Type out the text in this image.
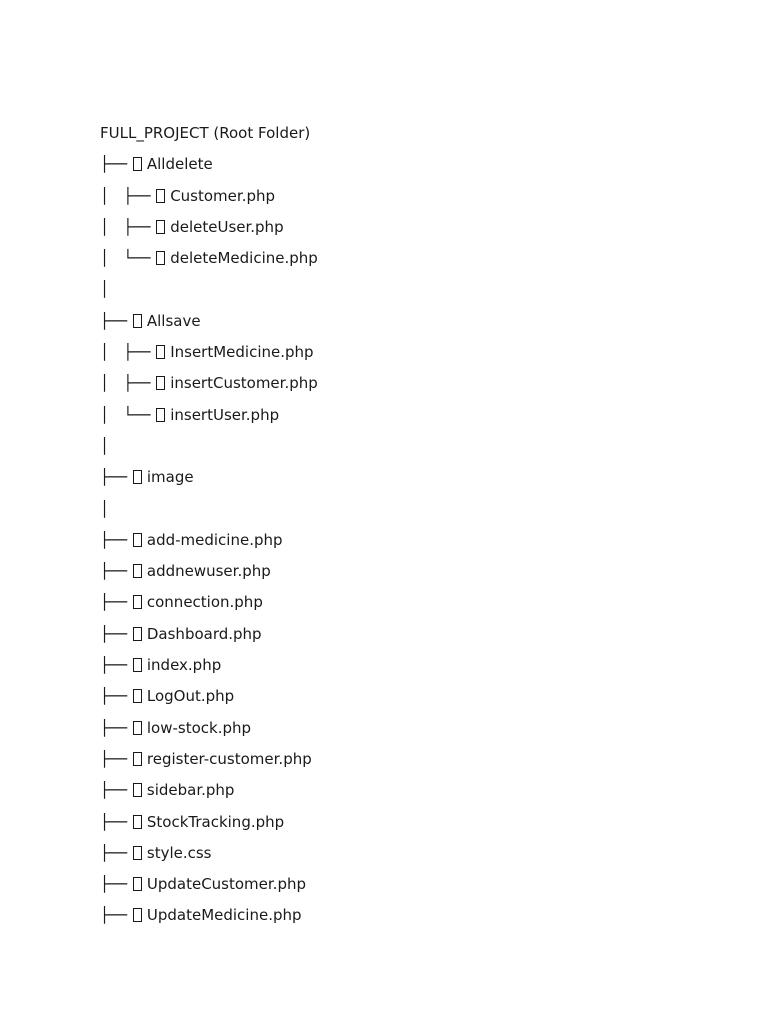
FULL_PROJECT (Root Folder)
├── Alldelete
│   ├── Customer.php
│   ├── deleteUser.php
│   └── deleteMedicine.php
│
├── Allsave
│   ├── InsertMedicine.php
│   ├── insertCustomer.php
│   └── insertUser.php
│
├── image
│
├── add-medicine.php
├── addnewuser.php
├── connection.php
├── Dashboard.php
├── index.php
├── LogOut.php
├── low-stock.php
├── register-customer.php
├── sidebar.php
├── StockTracking.php
├── style.css
├── UpdateCustomer.php
├── UpdateMedicine.php
